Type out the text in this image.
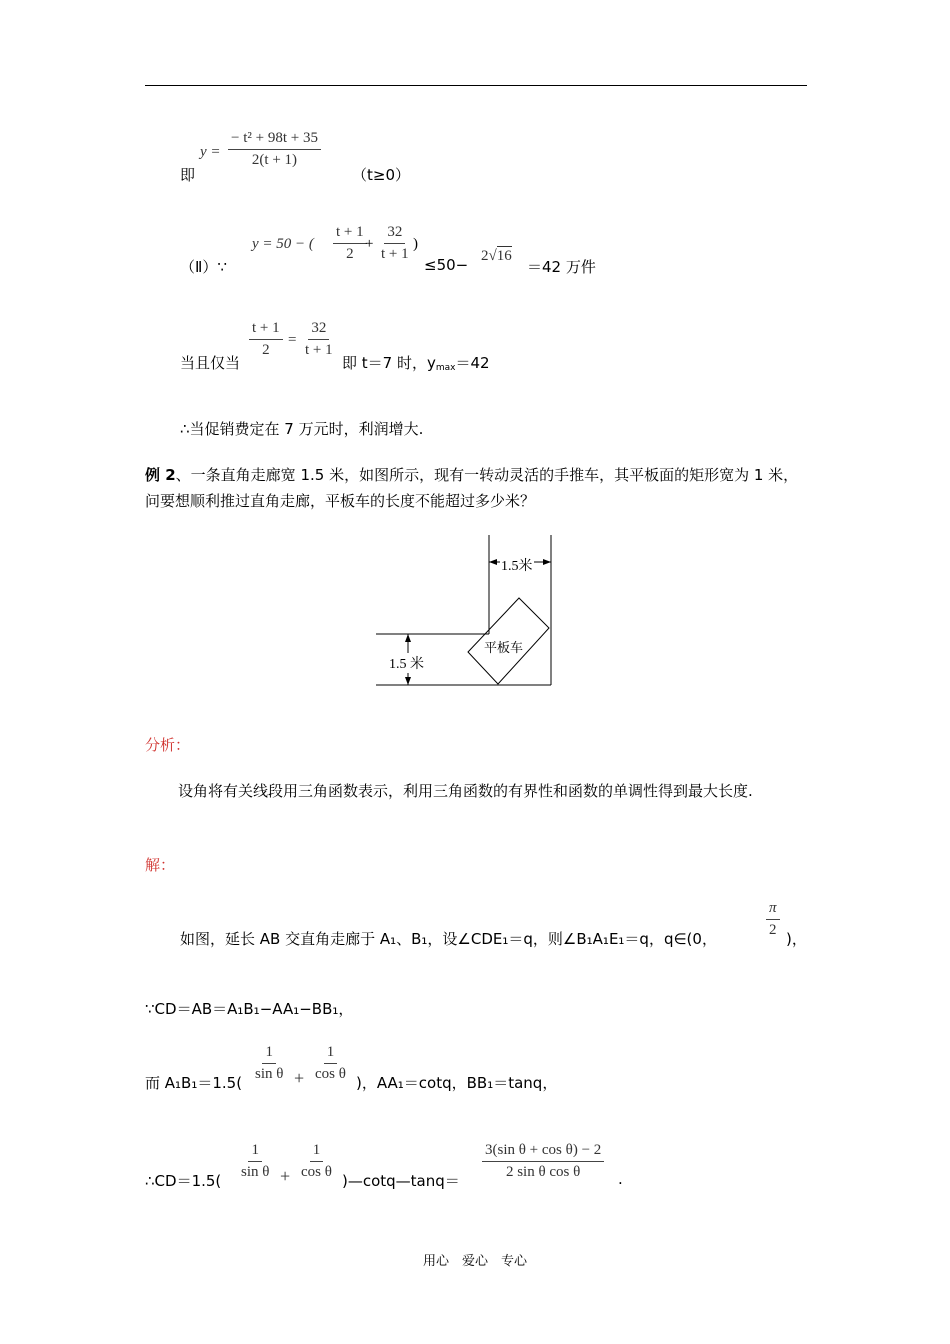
即
$y = \frac{\text{− t² + 98t + 35}}{2(t + 1)}$
（t≥0）
（Ⅱ）∵
y = 50 − ( $\frac{t + 1}{2}$
+ $\frac{32}{t + 1}$ )
≤50− 2√16
＝42 万件
当且仅当
$\frac{t + 1}{2} = \frac{32}{t + 1}$
即 t＝7 时，$y_{max}=42$
∴当促销费定在 7 万元时，利润增大.
例 2、一条直角走廊宽 1.5 米，如图所示，现有一转动灵活的手推车，其平板面的矩形宽为 1 米，问要想顺利推过直角走廊，平板车的长度不能超过多少米？
1.5米
1.5 米
平板车
分析：
设角将有关线段用三角函数表示，利用三角函数的有界性和函数的单调性得到最大长度.
解：
如图，延长 AB 交直角走廊于 A₁、B₁，设∠CDE₁＝q，则∠B₁A₁E₁＝q，q∈(0，	$\frac{\pi}{2}$ )，
∵CD＝AB＝A₁B₁−AA₁−BB₁，
而 $A_1B_1=1.5( \frac{1}{\text{sin θ}} + \frac{1}{\text{cos θ}}$ )，AA₁＝cotq，BB₁＝tanq，
∴CD＝1.5( $\frac{1}{\text{sin θ}} + \frac{1}{\text{cos θ}}$ )—cotq—tanq＝ $\frac{\text{3(sin θ + cos θ) − 2}}{\text{2 sin θ cos θ}}$ .
用心　爱心　专心
